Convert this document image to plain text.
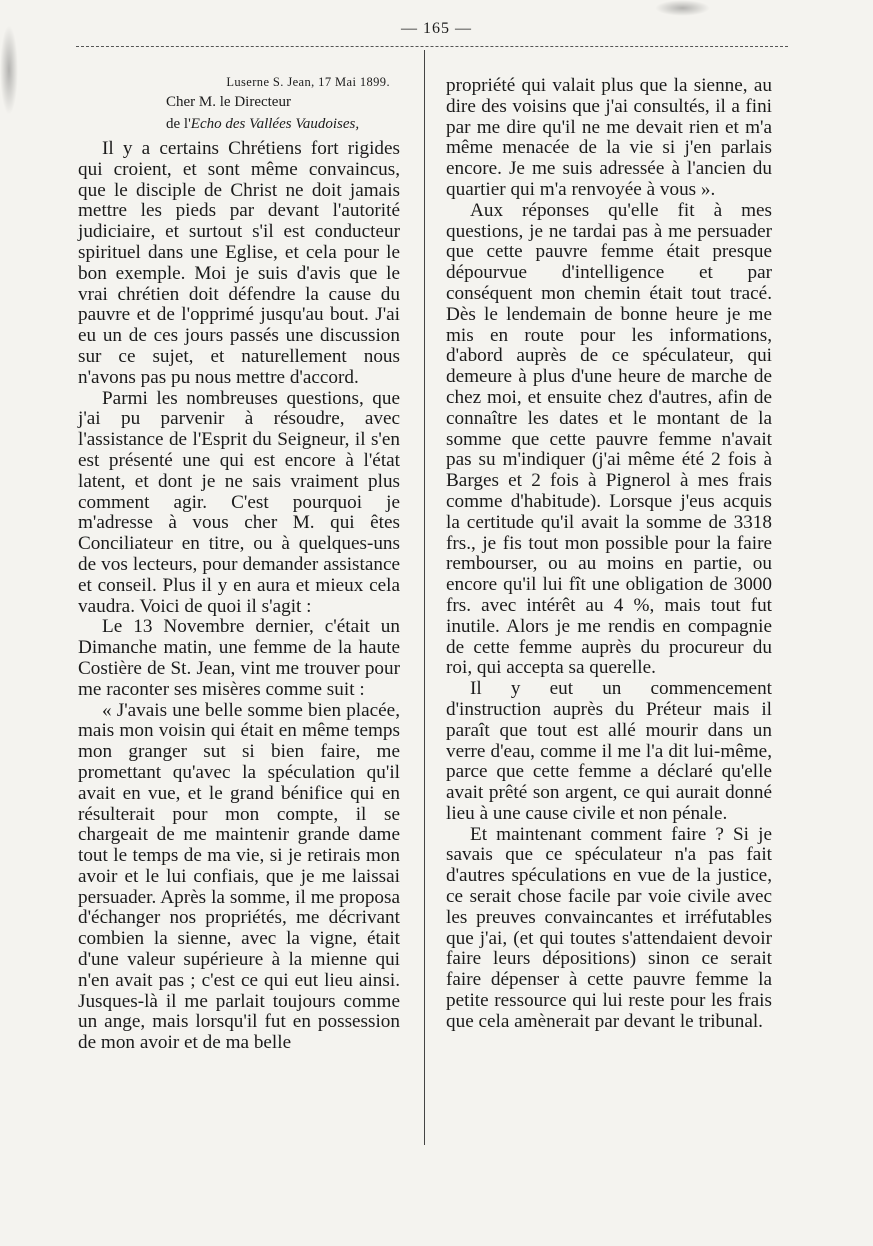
— 165 —
Luserne S. Jean, 17 Mai 1899.
Cher M. le Directeur
de l'Echo des Vallées Vaudoises,

Il y a certains Chrétiens fort rigides qui croient, et sont même convaincus, que le disciple de Christ ne doit jamais mettre les pieds par devant l'autorité judiciaire, et surtout s'il est conducteur spirituel dans une Eglise, et cela pour le bon exemple. Moi je suis d'avis que le vrai chrétien doit défendre la cause du pauvre et de l'opprimé jusqu'au bout. J'ai eu un de ces jours passés une discussion sur ce sujet, et naturellement nous n'avons pas pu nous mettre d'accord.

Parmi les nombreuses questions, que j'ai pu parvenir à résoudre, avec l'assistance de l'Esprit du Seigneur, il s'en est présenté une qui est encore à l'état latent, et dont je ne sais vraiment plus comment agir. C'est pourquoi je m'adresse à vous cher M. qui êtes Conciliateur en titre, ou à quelques-uns de vos lecteurs, pour demander assistance et conseil. Plus il y en aura et mieux cela vaudra. Voici de quoi il s'agit :

Le 13 Novembre dernier, c'était un Dimanche matin, une femme de la haute Costière de St. Jean, vint me trouver pour me raconter ses misères comme suit :

« J'avais une belle somme bien placée, mais mon voisin qui était en même temps mon granger sut si bien faire, me promettant qu'avec la spéculation qu'il avait en vue, et le grand bénifice qui en résulterait pour mon compte, il se chargeait de me maintenir grande dame tout le temps de ma vie, si je retirais mon avoir et le lui confiais, que je me laissai persuader. Après la somme, il me proposa d'échanger nos propriétés, me décrivant combien la sienne, avec la vigne, était d'une valeur supérieure à la mienne qui n'en avait pas ; c'est ce qui eut lieu ainsi. Jusques-là il me parlait toujours comme un ange, mais lorsqu'il fut en possession de mon avoir et de ma belle

propriété qui valait plus que la sienne, au dire des voisins que j'ai consultés, il a fini par me dire qu'il ne me devait rien et m'a même menacée de la vie si j'en parlais encore. Je me suis adressée à l'ancien du quartier qui m'a renvoyée à vous ».

Aux réponses qu'elle fit à mes questions, je ne tardai pas à me persuader que cette pauvre femme était presque dépourvue d'intelligence et par conséquent mon chemin était tout tracé. Dès le lendemain de bonne heure je me mis en route pour les informations, d'abord auprès de ce spéculateur, qui demeure à plus d'une heure de marche de chez moi, et ensuite chez d'autres, afin de connaître les dates et le montant de la somme que cette pauvre femme n'avait pas su m'indiquer (j'ai même été 2 fois à Barges et 2 fois à Pignerol à mes frais comme d'habitude). Lorsque j'eus acquis la certitude qu'il avait la somme de 3318 frs., je fis tout mon possible pour la faire rembourser, ou au moins en partie, ou encore qu'il lui fît une obligation de 3000 frs. avec intérêt au 4 %, mais tout fut inutile. Alors je me rendis en compagnie de cette femme auprès du procureur du roi, qui accepta sa querelle.

Il y eut un commencement d'instruction auprès du Préteur mais il paraît que tout est allé mourir dans un verre d'eau, comme il me l'a dit lui-même, parce que cette femme a déclaré qu'elle avait prêté son argent, ce qui aurait donné lieu à une cause civile et non pénale.

Et maintenant comment faire ? Si je savais que ce spéculateur n'a pas fait d'autres spéculations en vue de la justice, ce serait chose facile par voie civile avec les preuves convaincantes et irréfutables que j'ai, (et qui toutes s'attendaient devoir faire leurs dépositions) sinon ce serait faire dépenser à cette pauvre femme la petite ressource qui lui reste pour les frais que cela amènerait par devant le tribunal.
